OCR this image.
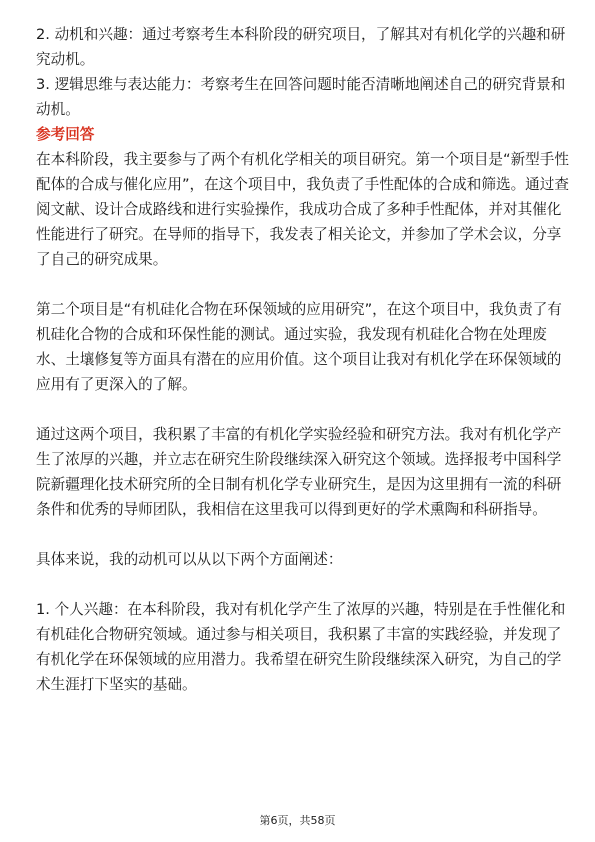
2. 动机和兴趣：通过考察考生本科阶段的研究项目，了解其对有机化学的兴趣和研
究动机。
3. 逻辑思维与表达能力：考察考生在回答问题时能否清晰地阐述自己的研究背景和
动机。
参考回答
在本科阶段，我主要参与了两个有机化学相关的项目研究。第一个项目是“新型手性
配体的合成与催化应用”，在这个项目中，我负责了手性配体的合成和筛选。通过查
阅文献、设计合成路线和进行实验操作，我成功合成了多种手性配体，并对其催化
性能进行了研究。在导师的指导下，我发表了相关论文，并参加了学术会议，分享
了自己的研究成果。
第二个项目是“有机硅化合物在环保领域的应用研究”，在这个项目中，我负责了有
机硅化合物的合成和环保性能的测试。通过实验，我发现有机硅化合物在处理废
水、土壤修复等方面具有潜在的应用价值。这个项目让我对有机化学在环保领域的
应用有了更深入的了解。
通过这两个项目，我积累了丰富的有机化学实验经验和研究方法。我对有机化学产
生了浓厚的兴趣，并立志在研究生阶段继续深入研究这个领域。选择报考中国科学
院新疆理化技术研究所的全日制有机化学专业研究生，是因为这里拥有一流的科研
条件和优秀的导师团队，我相信在这里我可以得到更好的学术熏陶和科研指导。
具体来说，我的动机可以从以下两个方面阐述：
1. 个人兴趣：在本科阶段，我对有机化学产生了浓厚的兴趣，特别是在手性催化和
有机硅化合物研究领域。通过参与相关项目，我积累了丰富的实践经验，并发现了
有机化学在环保领域的应用潜力。我希望在研究生阶段继续深入研究，为自己的学
术生涯打下坚实的基础。
第6页，共58页
